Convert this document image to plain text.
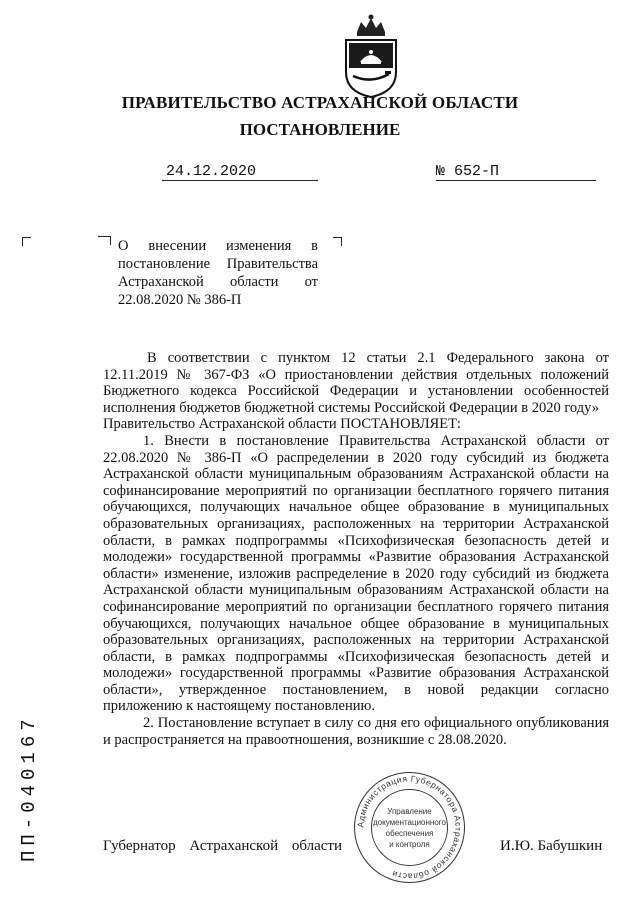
ПРАВИТЕЛЬСТВО АСТРАХАНСКОЙ ОБЛАСТИ
ПОСТАНОВЛЕНИЕ
24.12.2020	№ 652-П
О внесении изменения в постановление Правительства Астраханской области от 22.08.2020 № 386-П

В соответствии с пунктом 12 статьи 2.1 Федерального закона от 12.11.2019 № 367-ФЗ «О приостановлении действия отдельных положений Бюджетного кодекса Российской Федерации и установлении особенностей исполнения бюджетов бюджетной системы Российской Федерации в 2020 году»

Правительство Астраханской области ПОСТАНОВЛЯЕТ:

1. Внести в постановление Правительства Астраханской области от 22.08.2020 № 386-П «О распределении в 2020 году субсидий из бюджета Астраханской области муниципальным образованиям Астраханской области на софинансирование мероприятий по организации бесплатного горячего питания обучающихся, получающих начальное общее образование в муниципальных образовательных организациях, расположенных на территории Астраханской области, в рамках подпрограммы «Психофизическая безопасность детей и молодежи» государственной программы «Развитие образования Астраханской области» изменение, изложив распределение в 2020 году субсидий из бюджета Астраханской области муниципальным образованиям Астраханской области на софинансирование мероприятий по организации бесплатного горячего питания обучающихся, получающих начальное общее образование в муниципальных образовательных организациях, расположенных на территории Астраханской области, в рамках подпрограммы «Психофизическая безопасность детей и молодежи» государственной программы «Развитие образования Астраханской области», утвержденное постановлением, в новой редакции согласно приложению к настоящему постановлению.

2. Постановление вступает в силу со дня его официального опубликования и распространяется на правоотношения, возникшие с 28.08.2020.

Администрация Губернатора Астраханской области
Управление
документационного
обеспечения
и контроля
Губернатор Астраханской области	И.Ю. Бабушкин
ПП-040167
